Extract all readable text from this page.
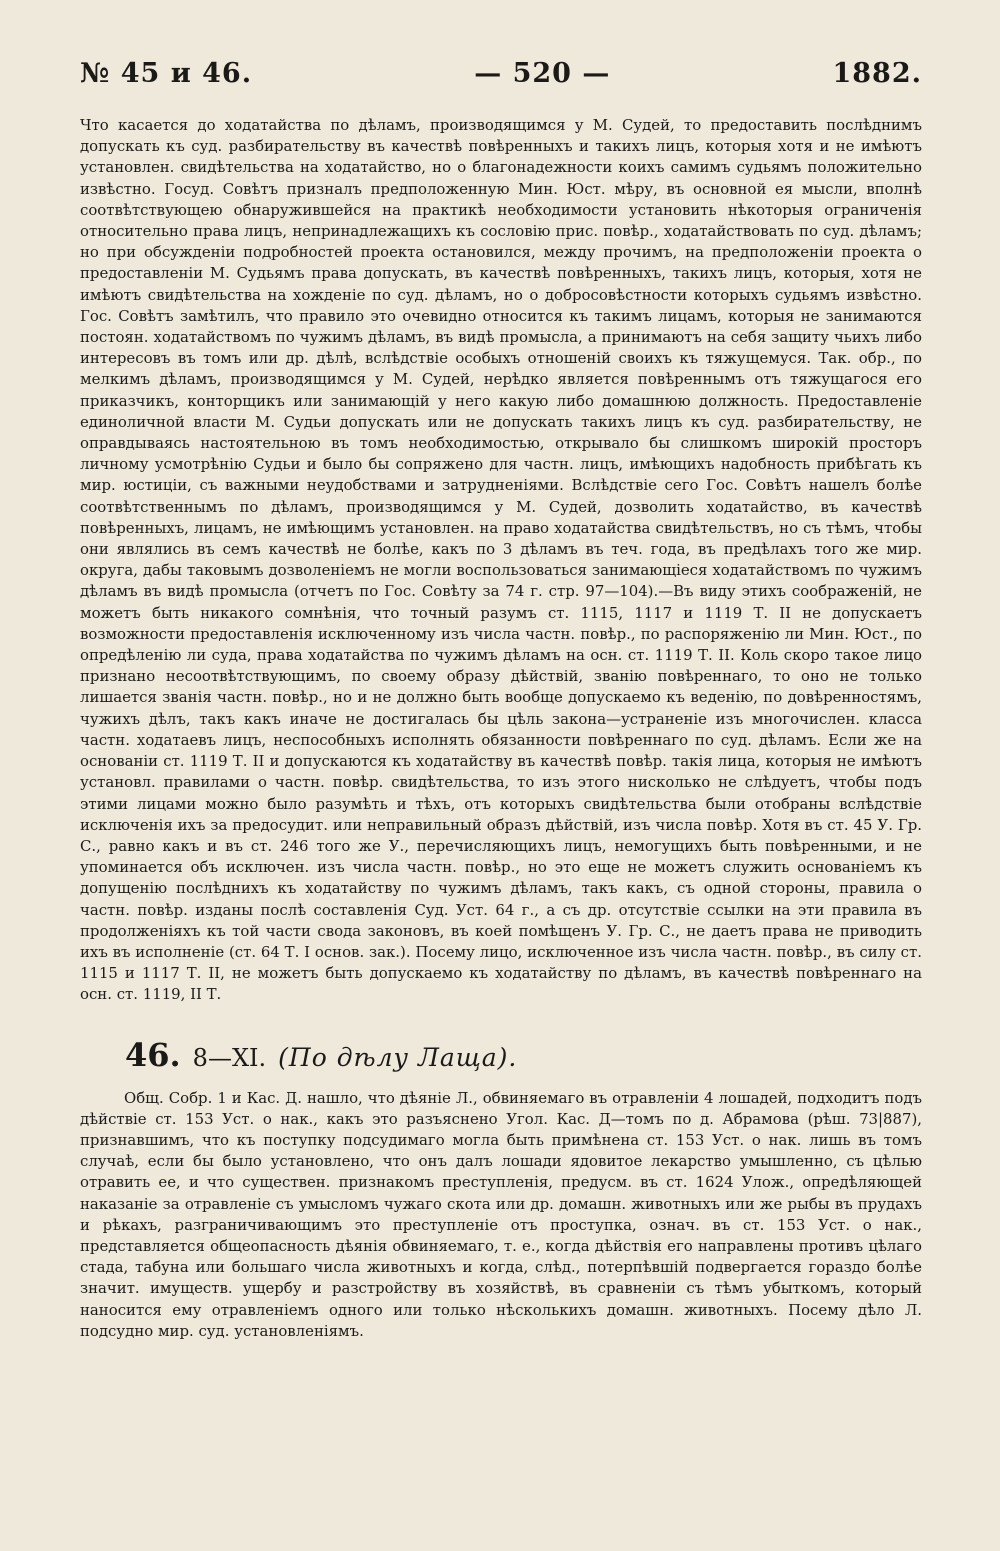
№ 45 и 46.	— 520 —	1882.

Что касается до ходатайства по дѣламъ, производящимся у М. Судей, то предоставить послѣднимъ допускать къ суд. разбирательству въ качествѣ повѣренныхъ и такихъ лицъ, которыя хотя и не имѣютъ установлен. свидѣтельства на ходатайство, но о благонадежности коихъ самимъ судьямъ положительно извѣстно. Госуд. Совѣтъ призналъ предположенную Мин. Юст. мѣру, въ основной ея мысли, вполнѣ соотвѣтствующею обнаружившейся на практикѣ необходимости установить нѣкоторыя ограниченія относительно права лицъ, непринадлежащихъ къ сословію прис. повѣр., ходатайствовать по суд. дѣламъ; но при обсужденіи подробностей проекта остановился, между прочимъ, на предположеніи проекта о предоставленіи М. Судьямъ права допускать, въ качествѣ повѣренныхъ, такихъ лицъ, которыя, хотя не имѣютъ свидѣтельства на хожденіе по суд. дѣламъ, но о добросовѣстности которыхъ судьямъ извѣстно. Гос. Совѣтъ замѣтилъ, что правило это очевидно относится къ такимъ лицамъ, которыя не занимаются постоян. ходатайствомъ по чужимъ дѣламъ, въ видѣ промысла, а принимаютъ на себя защиту чьихъ либо интересовъ въ томъ или др. дѣлѣ, вслѣдствіе особыхъ отношеній своихъ къ тяжущемуся. Так. обр., по мелкимъ дѣламъ, производящимся у М. Судей, нерѣдко является повѣреннымъ отъ тяжущагося его приказчикъ, конторщикъ или занимающій у него какую либо домашнюю должность. Предоставленіе единоличной власти М. Судьи допускать или не допускать такихъ лицъ къ суд. разбирательству, не оправдываясь настоятельною въ томъ необходимостью, открывало бы слишкомъ широкій просторъ личному усмотрѣнію Судьи и было бы сопряжено для частн. лицъ, имѣющихъ надобность прибѣгать къ мир. юстиціи, съ важными неудобствами и затрудненіями. Вслѣдствіе сего Гос. Совѣтъ нашелъ болѣе соотвѣтственнымъ по дѣламъ, производящимся у М. Судей, дозволить ходатайство, въ качествѣ повѣренныхъ, лицамъ, не имѣющимъ установлен. на право ходатайства свидѣтельствъ, но съ тѣмъ, чтобы они являлись въ семъ качествѣ не болѣе, какъ по 3 дѣламъ въ теч. года, въ предѣлахъ того же мир. округа, дабы таковымъ дозволеніемъ не могли воспользоваться занимающіеся ходатайствомъ по чужимъ дѣламъ въ видѣ промысла (отчетъ по Гос. Совѣту за 74 г. стр. 97—104).—Въ виду этихъ соображеній, не можетъ быть никакого сомнѣнія, что точный разумъ ст. 1115, 1117 и 1119 Т. II не допускаетъ возможности предоставленія исключенному изъ числа частн. повѣр., по распоряженію ли Мин. Юст., по опредѣленію ли суда, права ходатайства по чужимъ дѣламъ на осн. ст. 1119 Т. II. Коль скоро такое лицо признано несоотвѣтствующимъ, по своему образу дѣйствій, званію повѣреннаго, то оно не только лишается званія частн. повѣр., но и не должно быть вообще допускаемо къ веденію, по довѣренностямъ, чужихъ дѣлъ, такъ какъ иначе не достигалась бы цѣль закона—устраненіе изъ многочислен. класса частн. ходатаевъ лицъ, неспособныхъ исполнять обязанности повѣреннаго по суд. дѣламъ. Если же на основаніи ст. 1119 Т. II и допускаются къ ходатайству въ качествѣ повѣр. такія лица, которыя не имѣютъ установл. правилами о частн. повѣр. свидѣтельства, то изъ этого нисколько не слѣдуетъ, чтобы подъ этими лицами можно было разумѣть и тѣхъ, отъ которыхъ свидѣтельства были отобраны вслѣдствіе исключенія ихъ за предосудит. или неправильный образъ дѣйствій, изъ числа повѣр. Хотя въ ст. 45 У. Гр. С., равно какъ и въ ст. 246 того же У., перечисляющихъ лицъ, немогущихъ быть повѣренными, и не упоминается объ исключен. изъ числа частн. повѣр., но это еще не можетъ служить основаніемъ къ допущенію послѣднихъ къ ходатайству по чужимъ дѣламъ, такъ какъ, съ одной стороны, правила о частн. повѣр. изданы послѣ составленія Суд. Уст. 64 г., а съ др. отсутствіе ссылки на эти правила въ продолженіяхъ къ той части свода законовъ, въ коей помѣщенъ У. Гр. С., не даетъ права не приводить ихъ въ исполненіе (ст. 64 Т. I основ. зак.). Посему лицо, исключенное изъ числа частн. повѣр., въ силу ст. 1115 и 1117 Т. II, не можетъ быть допускаемо къ ходатайству по дѣламъ, въ качествѣ повѣреннаго на осн. ст. 1119, II Т.

46. 8—XI. (По дѣлу Лаща).
Общ. Собр. 1 и Кас. Д. нашло, что дѣяніе Л., обвиняемаго въ отравленіи 4 лошадей, подходитъ подъ дѣйствіе ст. 153 Уст. о нак., какъ это разъяснено Угол. Кас. Д—томъ по д. Абрамова (рѣш. 73|887), признавшимъ, что къ поступку подсудимаго могла быть примѣнена ст. 153 Уст. о нак. лишь въ томъ случаѣ, если бы было установлено, что онъ далъ лошади ядовитое лекарство умышленно, съ цѣлью отравить ее, и что существен. признакомъ преступленія, предусм. въ ст. 1624 Улож., опредѣляющей наказаніе за отравленіе съ умысломъ чужаго скота или др. домашн. животныхъ или же рыбы въ прудахъ и рѣкахъ, разграничивающимъ это преступленіе отъ проступка, означ. въ ст. 153 Уст. о нак., представляется общеопасность дѣянія обвиняемаго, т. е., когда дѣйствія его направлены противъ цѣлаго стада, табуна или большаго числа животныхъ и когда, слѣд., потерпѣвшій подвергается гораздо болѣе значит. имуществ. ущербу и разстройству въ хозяйствѣ, въ сравненіи съ тѣмъ убыткомъ, который наносится ему отравленіемъ одного или только нѣсколькихъ домашн. животныхъ. Посему дѣло Л. подсудно мир. суд. установленіямъ.
